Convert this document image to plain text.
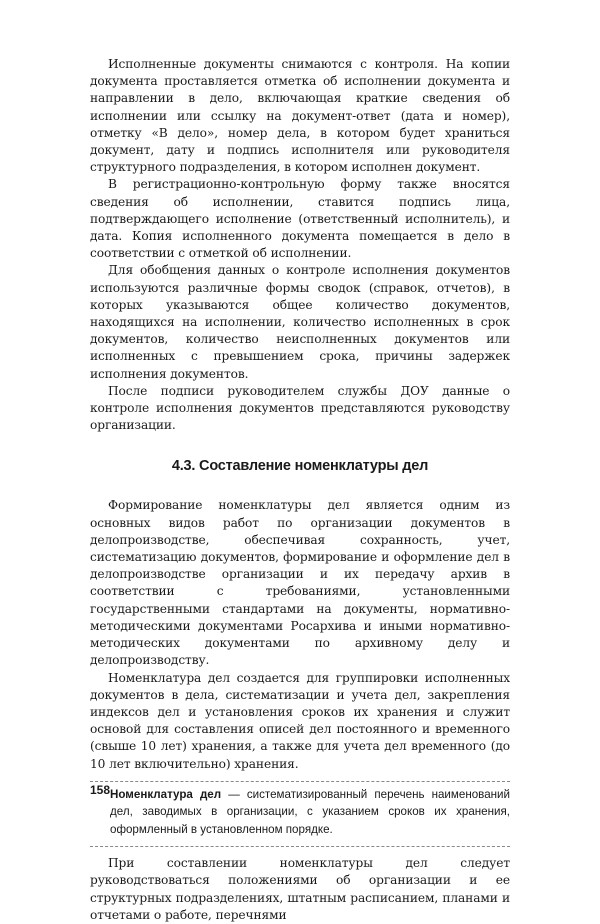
Исполненные документы снимаются с контроля. На копии документа проставляется отметка об исполнении документа и направлении в дело, включающая краткие сведения об исполнении или ссылку на документ-ответ (дата и номер), отметку «В дело», номер дела, в котором будет храниться документ, дату и подпись исполнителя или руководителя структурного подразделения, в котором исполнен документ.

В регистрационно-контрольную форму также вносятся сведения об исполнении, ставится подпись лица, подтверждающего исполнение (ответственный исполнитель), и дата. Копия исполненного документа помещается в дело в соответствии с отметкой об исполнении.

Для обобщения данных о контроле исполнения документов используются различные формы сводок (справок, отчетов), в которых указываются общее количество документов, находящихся на исполнении, количество исполненных в срок документов, количество неисполненных документов или исполненных с превышением срока, причины задержек исполнения документов.

После подписи руководителем службы ДОУ данные о контроле исполнения документов представляются руководству организации.

4.3. Составление номенклатуры дел

Формирование номенклатуры дел является одним из основных видов работ по организации документов в делопроизводстве, обеспечивая сохранность, учет, систематизацию документов, формирование и оформление дел в делопроизводстве организации и их передачу архив в соответствии с требованиями, установленными государственными стандартами на документы, нормативно-методическими документами Росархива и иными нормативно-методических документами по архивному делу и делопроизводству.

Номенклатура дел создается для группировки исполненных документов в дела, систематизации и учета дел, закрепления индексов дел и установления сроков их хранения и служит основой для составления описей дел постоянного и временного (свыше 10 лет) хранения, а также для учета дел временного (до 10 лет включительно) хранения.

Номенклатура дел — систематизированный перечень наименований дел, заводимых в организации, с указанием сроков их хранения, оформленный в установленном порядке.

При составлении номенклатуры дел следует руководствоваться положениями об организации и ее структурных подразделениях, штатным расписанием, планами и отчетами о работе, перечнями

158
